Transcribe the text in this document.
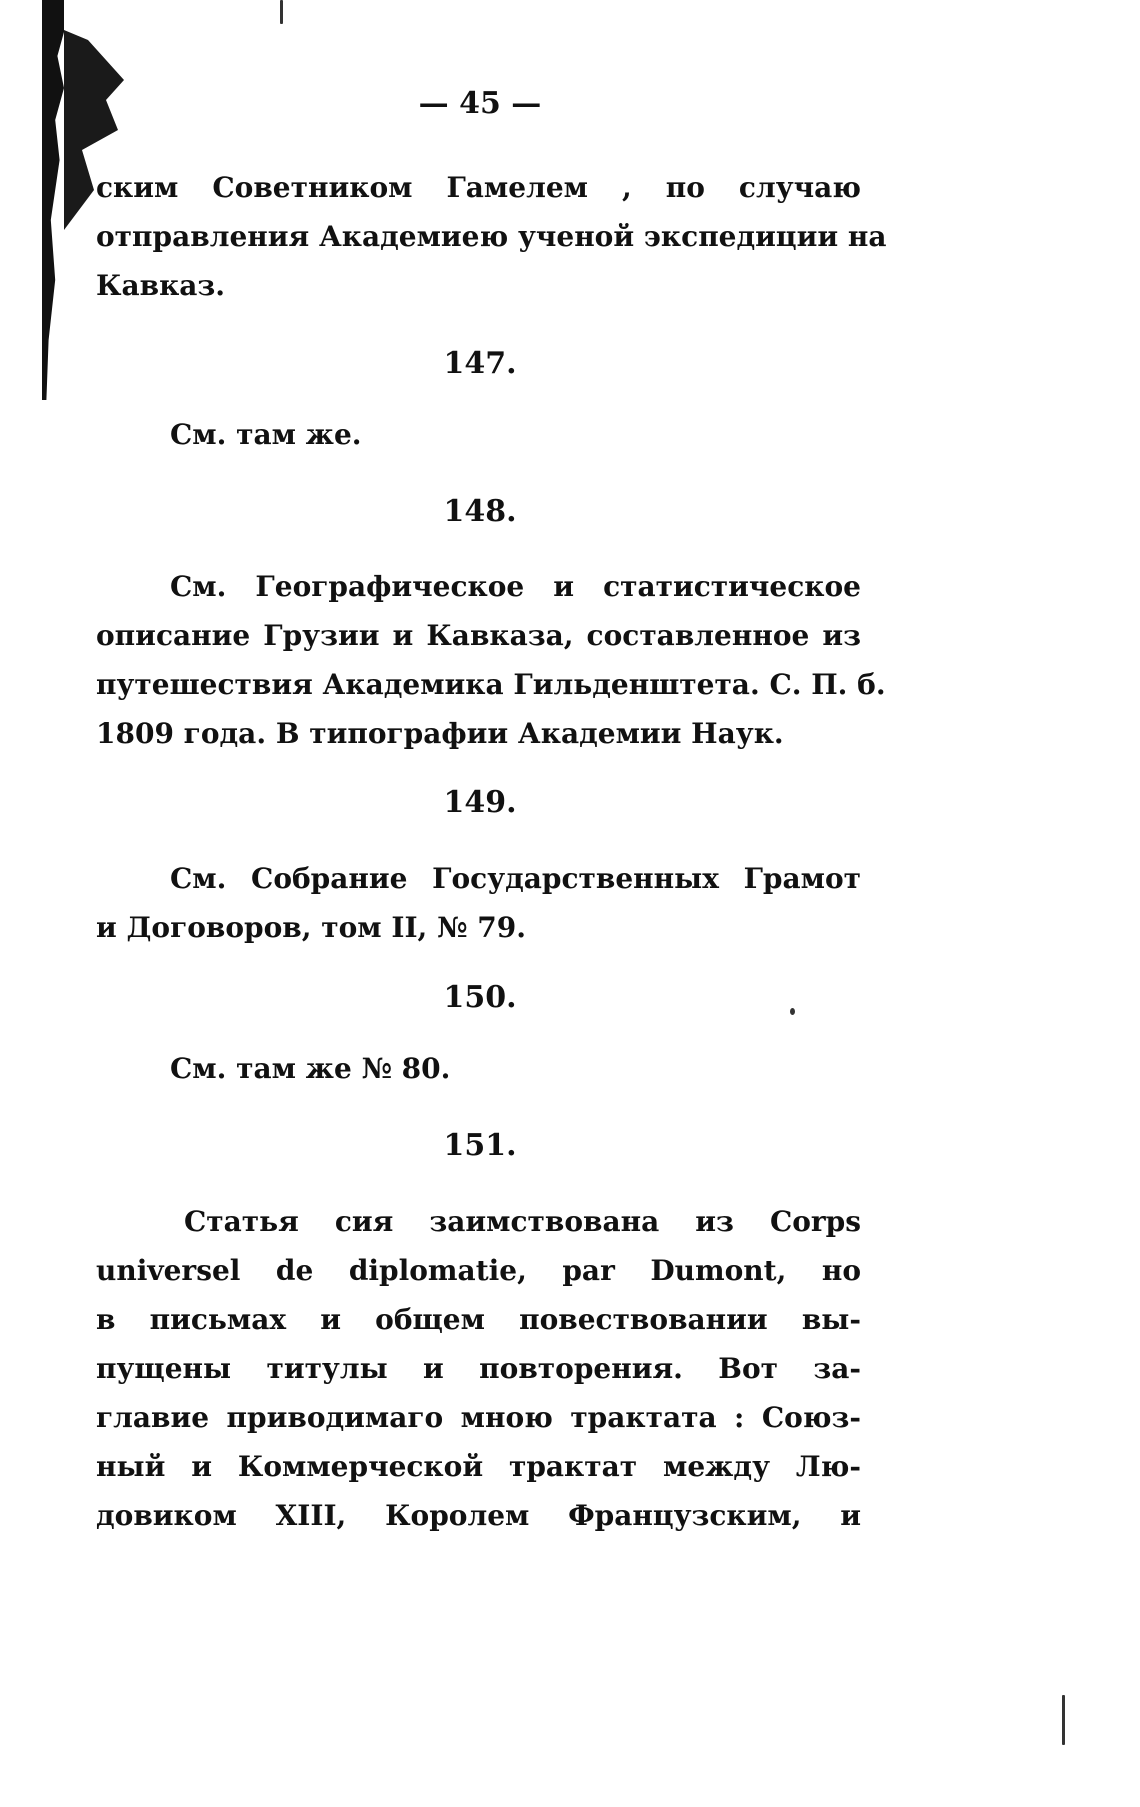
— 45 —
ским Советником Гамелем , по случаю
отправления Академиею ученой экспедиции на
Кавказ.
147.
См. там же.
148.
См. Географическое и статистическое
описание Грузии и Кавказа, составленное из
путешествия Академика Гильденштета. С. П. б.
1809 года. В типографии Академии Наук.
149.
См. Собрание Государственных Грамот
и Договоров, том II, № 79.
150.
См. там же № 80.
151.
Статья сия заимствована из Corps
universel de diplomatie, par Dumont, но
в письмах и общем повествовании вы-
пущены титулы и повторения. Вот за-
главие приводимаго мною трактата : Союз-
ный и Коммерческой трактат между Лю-
довиком XIII, Королем Французским, и
